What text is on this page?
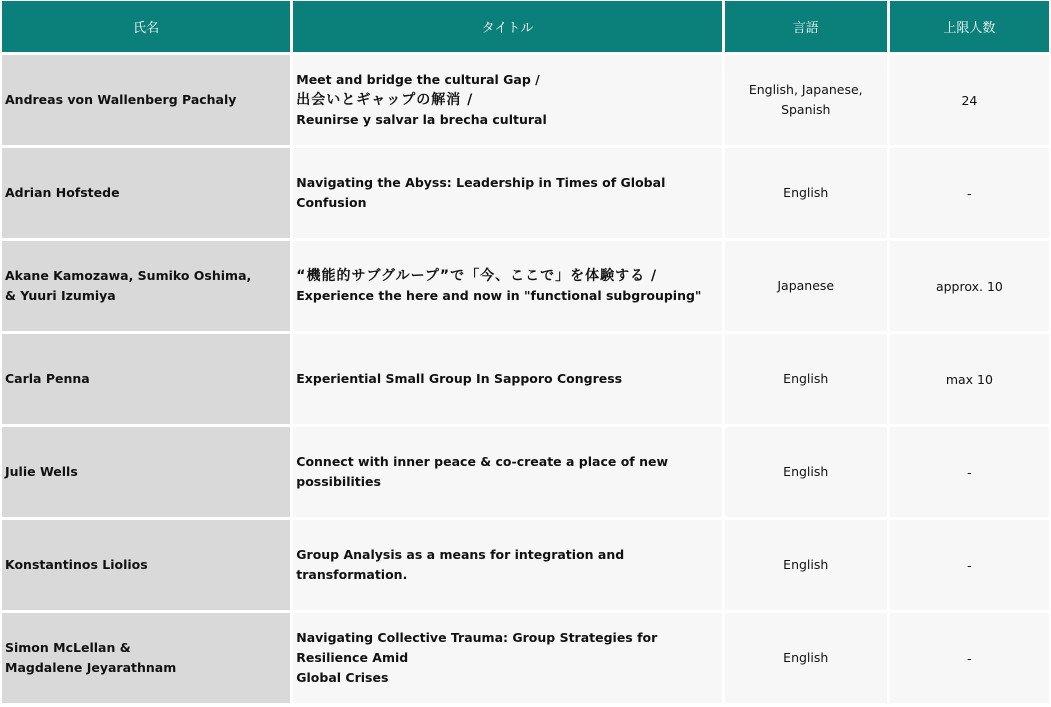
氏名	タイトル	言語	上限人数

Andreas von Wallenberg Pachaly	Meet and bridge the cultural Gap /
出会いとギャップの解消 /
Reunirse y salvar la brecha cultural	English, Japanese,
Spanish	24

Adrian Hofstede	Navigating the Abyss: Leadership in Times of Global Confusion	English	-

Akane Kamozawa, Sumiko Oshima,
& Yuuri Izumiya	“機能的サブグループ”で「今、ここで」を体験する /
Experience the here and now in "functional subgrouping"	Japanese	approx. 10

Carla Penna	Experiential Small Group In Sapporo Congress	English	max 10

Julie Wells	Connect with inner peace & co-create a place of new possibilities	English	-

Konstantinos Liolios	Group Analysis as a means for integration and transformation.	English	-

Simon McLellan &
Magdalene Jeyarathnam	Navigating Collective Trauma: Group Strategies for Resilience Amid
Global Crises	English	-
